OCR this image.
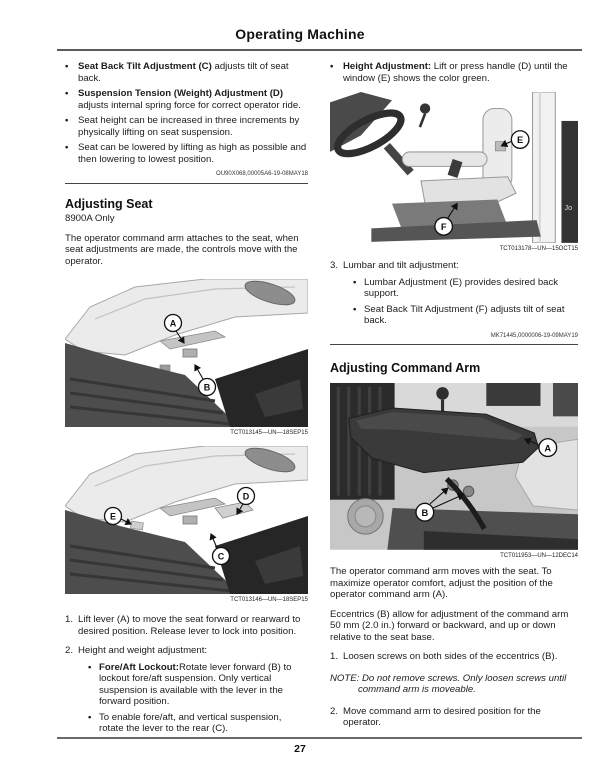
Operating Machine
•
Seat Back Tilt Adjustment (C) adjusts tilt of seat back.
•
Suspension Tension (Weight) Adjustment (D) adjusts internal spring force for correct operator ride.
•
Seat height can be increased in three increments by physically lifting on seat suspension.
•
Seat can be lowered by lifting as high as possible and then lowering to lowest position.
OU90X068,00005A6-19-08MAY18
Adjusting Seat
8900A Only
The operator command arm attaches to the seat, when seat adjustments are made, the controls move with the operator.
A
B
TCT013145—UN—18SEP15
E
D
C
TCT013146—UN—18SEP15
1. Lift lever (A) to move the seat forward or rearward to desired position. Release lever to lock into position.
2. Height and weight adjustment:
•
Fore/Aft Lockout:Rotate lever forward (B) to lockout fore/aft suspension. Only vertical suspension is available with the lever in the forward position.
•
To enable fore/aft, and vertical suspension, rotate the lever to the rear (C).
•
Height Adjustment: Lift or press handle (D) until the window (E) shows the color green.
Jo
E
F
TCT013178—UN—15OCT15
3. Lumbar and tilt adjustment:
•
Lumbar Adjustment (E) provides desired back support.
•
Seat Back Tilt Adjustment (F) adjusts tilt of seat back.
MK71445,0000006-19-09MAY19
Adjusting Command Arm
A
B
TCT011953—UN—12DEC14
The operator command arm moves with the seat. To maximize operator comfort, adjust the position of the operator command arm (A).
Eccentrics (B) allow for adjustment of the command arm 50 mm (2.0 in.) forward or backward, and up or down relative to the seat base.
1. Loosen screws on both sides of the eccentrics (B).
NOTE: Do not remove screws. Only loosen screws until command arm is moveable.
2. Move command arm to desired position for the operator.
27
